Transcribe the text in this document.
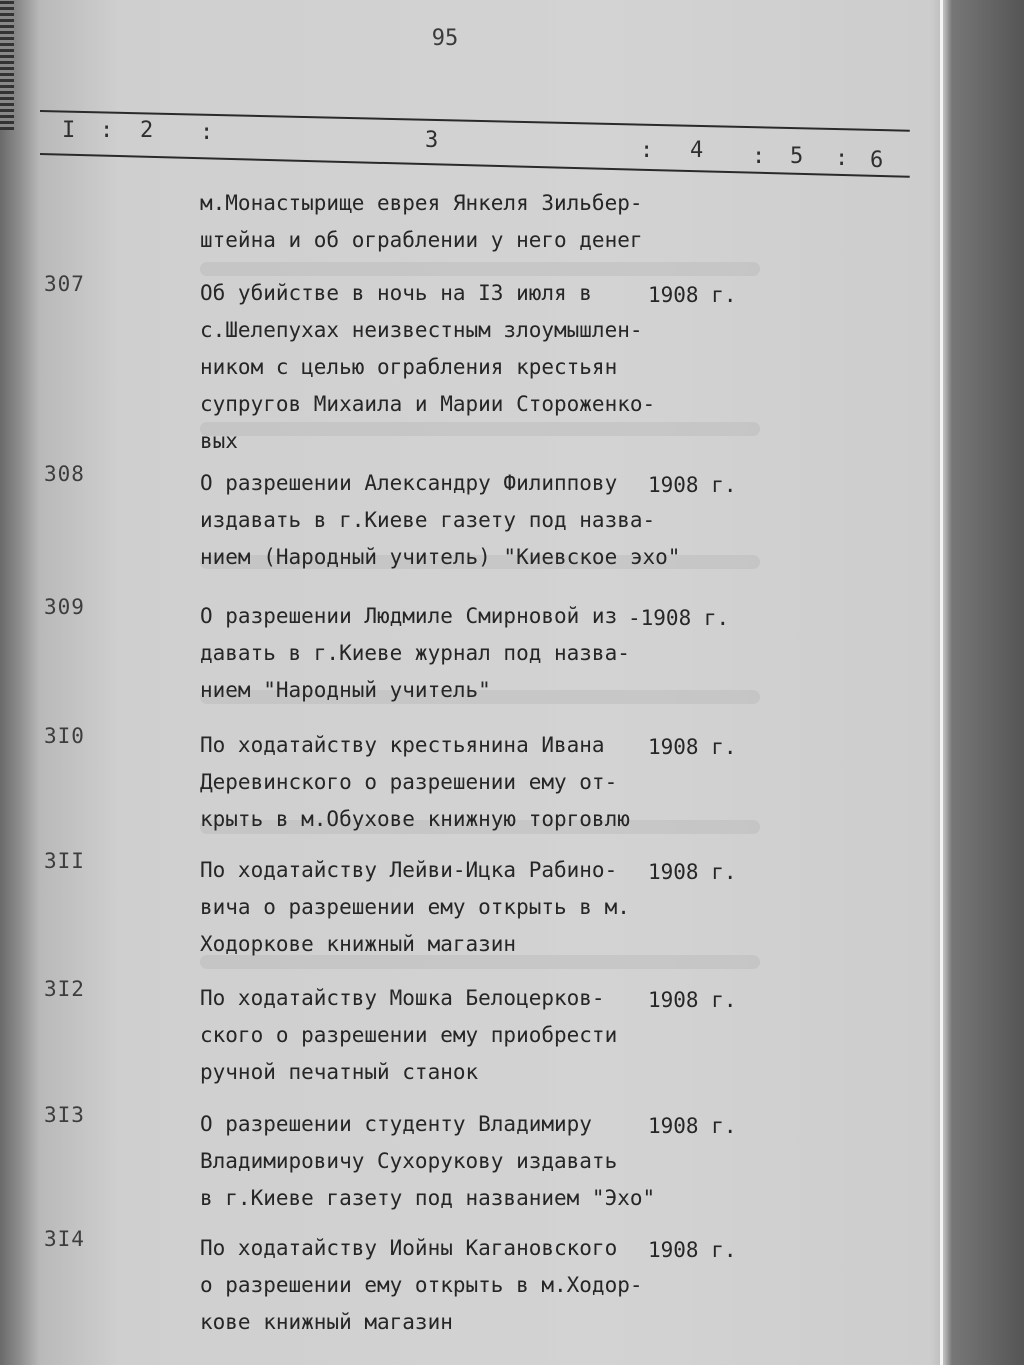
95
I : 2 :	3	: 4 : 5 : 6
м.Монастырище еврея Янкеля Зильбер-
штейна и об ограблении у него денег
307	Об убийстве в ночь на I3 июля в
с.Шелепухах неизвестным злоумышлен-
ником с целью ограбления крестьян
супругов Михаила и Марии Стороженко-
вых
1908 г.
308	О разрешении Александру Филиппову
издавать в г.Киеве газету под назва-
нием (Народный учитель) "Киевское эхо"
1908 г.
309	О разрешении Людмиле Смирновой из
давать в г.Киеве журнал под назва-
нием "Народный учитель"
-1908 г.
3I0	По ходатайству крестьянина Ивана
Деревинского о разрешении ему от-
крыть в м.Обухове книжную торговлю
1908 г.
3II	По ходатайству Лейви-Ицка Рабино-
вича о разрешении ему открыть в м.
Ходоркове книжный магазин
1908 г.
3I2	По ходатайству Мошка Белоцерков-
ского о разрешении ему приобрести
ручной печатный станок
1908 г.
3I3	О разрешении студенту Владимиру
Владимировичу Сухорукову издавать
в г.Киеве газету под названием "Эхо"
1908 г.
3I4	По ходатайству Иойны Кагановского
о разрешении ему открыть в м.Ходор-
кове книжный магазин
1908 г.
